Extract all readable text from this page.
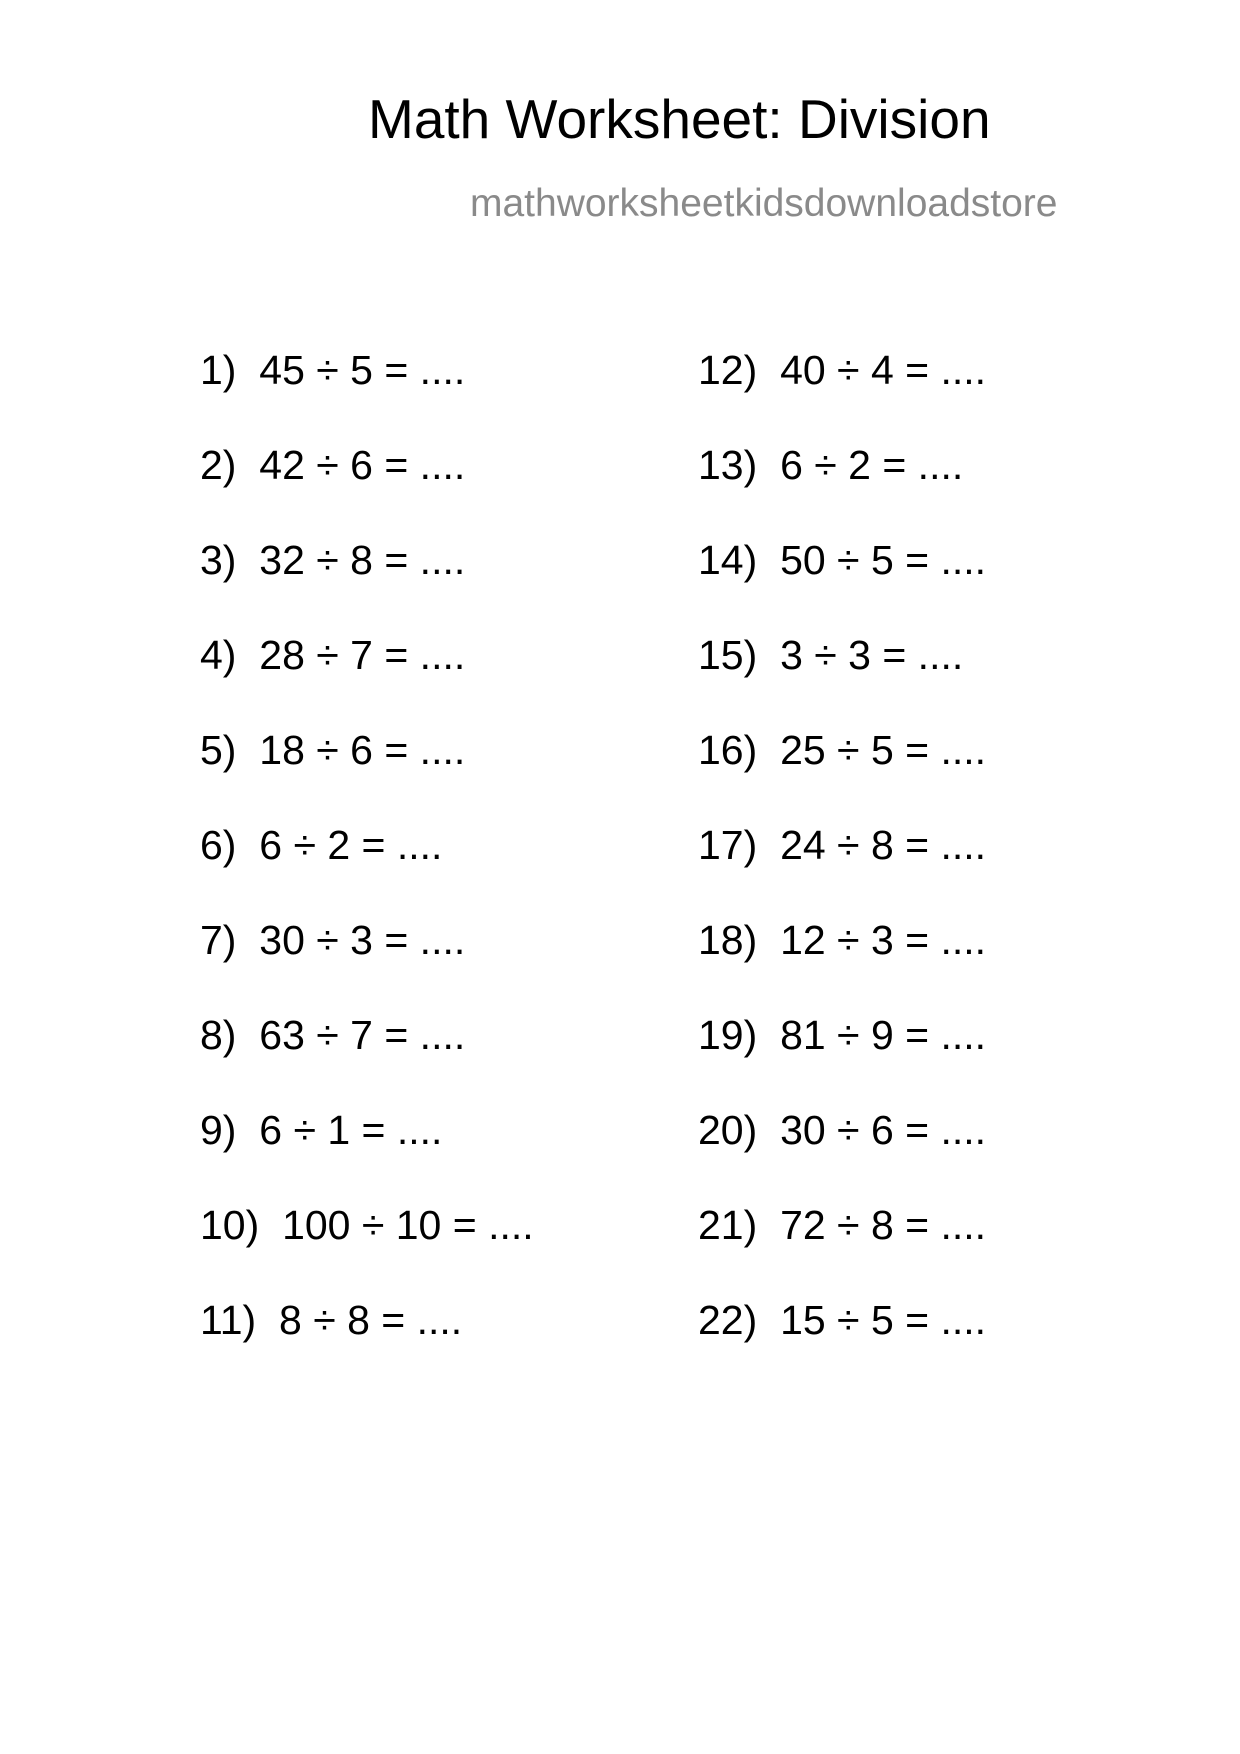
Math Worksheet: Division
mathworksheetkidsdownloadstore
1) 45 ÷ 5 = ....
2) 42 ÷ 6 = ....
3) 32 ÷ 8 = ....
4) 28 ÷ 7 = ....
5) 18 ÷ 6 = ....
6) 6 ÷ 2 = ....
7) 30 ÷ 3 = ....
8) 63 ÷ 7 = ....
9) 6 ÷ 1 = ....
10) 100 ÷ 10 = ....
11) 8 ÷ 8 = ....
12) 40 ÷ 4 = ....
13) 6 ÷ 2 = ....
14) 50 ÷ 5 = ....
15) 3 ÷ 3 = ....
16) 25 ÷ 5 = ....
17) 24 ÷ 8 = ....
18) 12 ÷ 3 = ....
19) 81 ÷ 9 = ....
20) 30 ÷ 6 = ....
21) 72 ÷ 8 = ....
22) 15 ÷ 5 = ....
